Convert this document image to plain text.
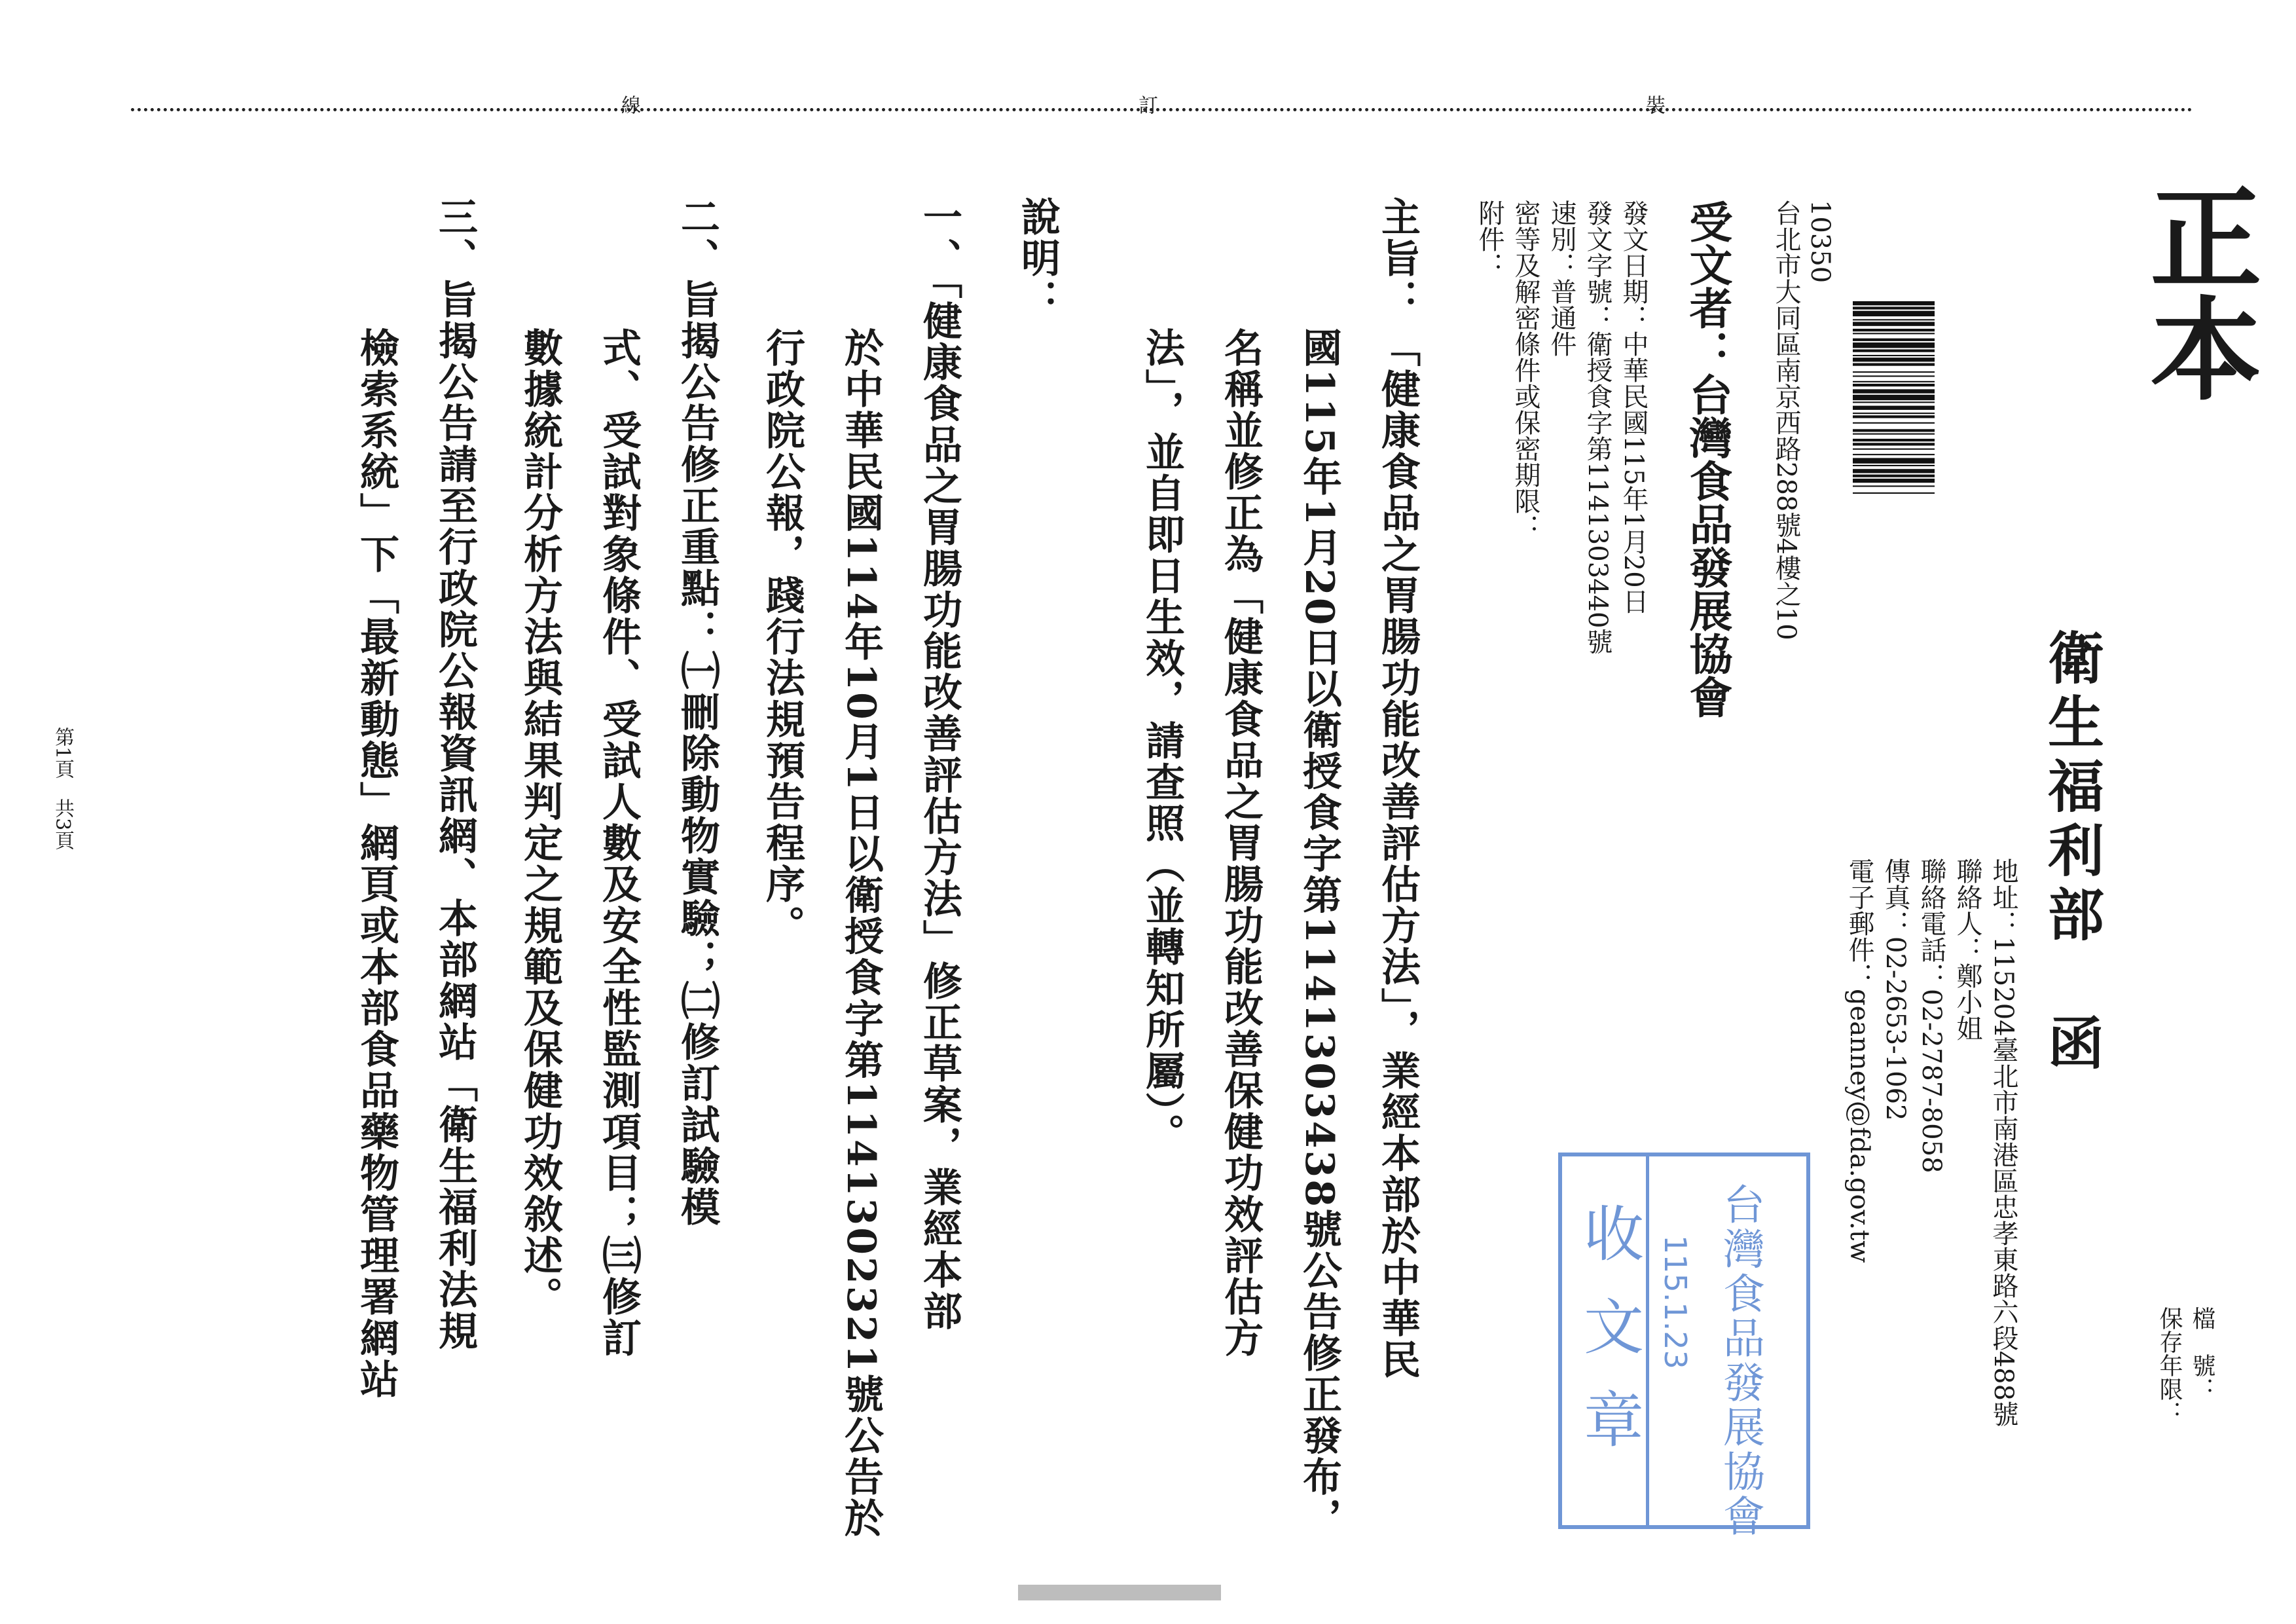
裝
訂
線
正本
檔　號：
保存年限：
衛生福利部　函
地址：115204臺北市南港區忠孝東路六段488號
聯絡人：鄭小姐
聯絡電話：02-2787-8058
傳真：02-2653-1062
電子郵件：geanney@fda.gov.tw
10350
台北市大同區南京西路288號4樓之10
受文者：台灣食品發展協會
發文日期：中華民國115年1月20日
發文字號：衛授食字第1141303440號
速別：普通件
密等及解密條件或保密期限：
附件：
主旨：
「健康食品之胃腸功能改善評估方法」，業經本部於中華民
國115年1月20日以衛授食字第1141303438號公告修正發布，
名稱並修正為「健康食品之胃腸功能改善保健功效評估方
法」，並自即日生效，請查照（並轉知所屬）。
說明：
一、「健康食品之胃腸功能改善評估方法」修正草案，業經本部
於中華民國114年10月1日以衛授食字第1141302321號公告於
行政院公報，踐行法規預告程序。
二、旨揭公告修正重點：㈠刪除動物實驗；㈡修訂試驗模
式、受試對象條件、受試人數及安全性監測項目；㈢修訂
數據統計分析方法與結果判定之規範及保健功效敘述。
三、旨揭公告請至行政院公報資訊網、本部網站「衛生福利法規
檢索系統」下「最新動態」網頁或本部食品藥物管理署網站
第1頁　共3頁
台灣食品發展協會
115.1.23
收文章
